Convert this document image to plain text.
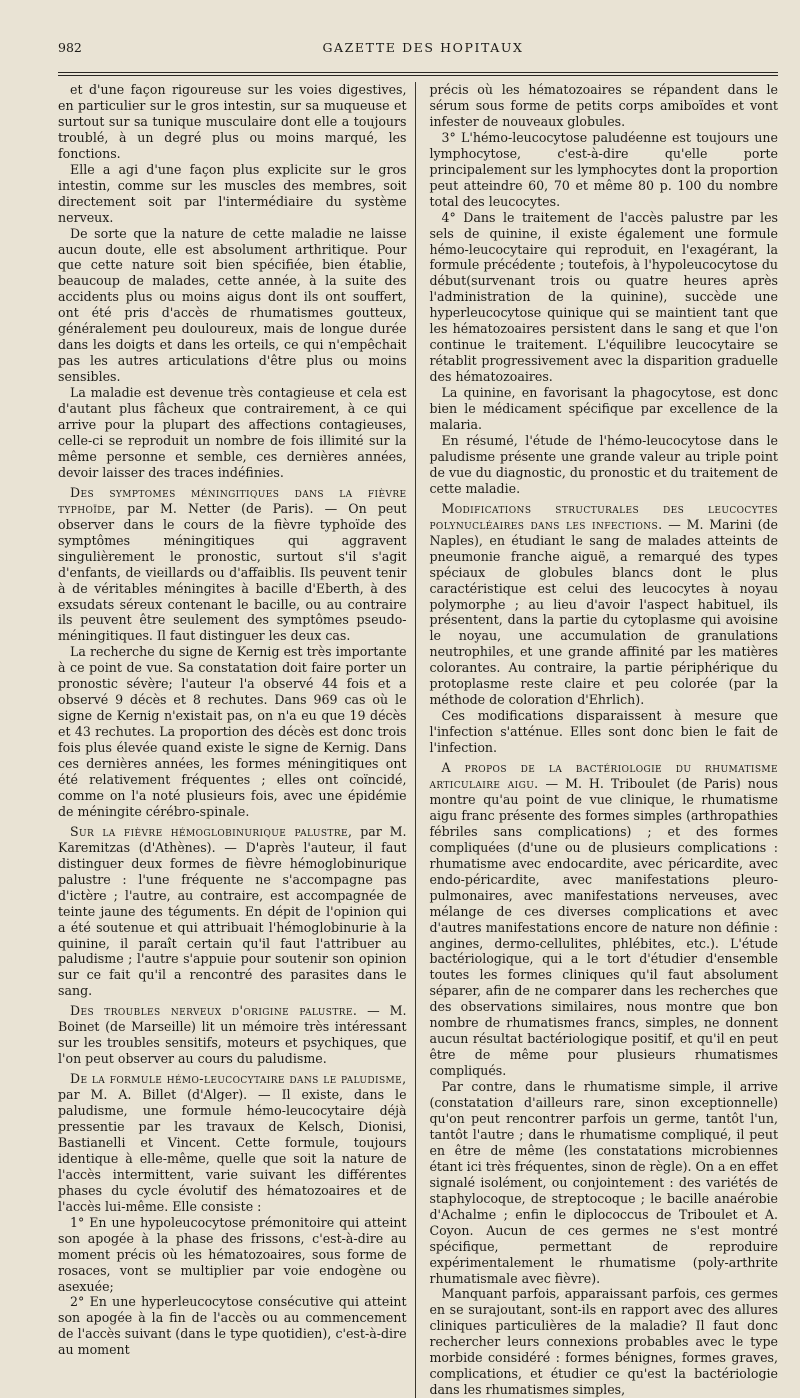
982	GAZETTE DES HOPITAUX

et d'une façon rigoureuse sur les voies digestives, en particulier sur le gros intestin, sur sa muqueuse et surtout sur sa tunique musculaire dont elle a toujours troublé, à un degré plus ou moins marqué, les fonctions.

Elle a agi d'une façon plus explicite sur le gros intestin, comme sur les muscles des membres, soit directement soit par l'intermédiaire du système nerveux.

De sorte que la nature de cette maladie ne laisse aucun doute, elle est absolument arthritique. Pour que cette nature soit bien spécifiée, bien établie, beaucoup de malades, cette année, à la suite des accidents plus ou moins aigus dont ils ont souffert, ont été pris d'accès de rhumatismes goutteux, généralement peu douloureux, mais de longue durée dans les doigts et dans les orteils, ce qui n'empêchait pas les autres articulations d'être plus ou moins sensibles.

La maladie est devenue très contagieuse et cela est d'autant plus fâcheux que contrairement, à ce qui arrive pour la plupart des affections contagieuses, celle-ci se reproduit un nombre de fois illimité sur la même personne et semble, ces dernières années, devoir laisser des traces indéfinies.

Des symptomes méningitiques dans la fièvre typhoïde, par M. Netter (de Paris). — On peut observer dans le cours de la fièvre typhoïde des symptômes méningitiques qui aggravent singulièrement le pronostic, surtout s'il s'agit d'enfants, de vieillards ou d'affaiblis. Ils peuvent tenir à de véritables méningites à bacille d'Eberth, à des exsudats séreux contenant le bacille, ou au contraire ils peuvent être seulement des symptômes pseudo-méningitiques. Il faut distinguer les deux cas.

La recherche du signe de Kernig est très importante à ce point de vue. Sa constatation doit faire porter un pronostic sévère; l'auteur l'a observé 44 fois et a observé 9 décès et 8 rechutes. Dans 969 cas où le signe de Kernig n'existait pas, on n'a eu que 19 décès et 43 rechutes. La proportion des décès est donc trois fois plus élevée quand existe le signe de Kernig. Dans ces dernières années, les formes méningitiques ont été relativement fréquentes ; elles ont coïncidé, comme on l'a noté plusieurs fois, avec une épidémie de méningite cérébro-spinale.

Sur la fièvre hémoglobinurique palustre, par M. Karemitzas (d'Athènes). — D'après l'auteur, il faut distinguer deux formes de fièvre hémoglobinurique palustre : l'une fréquente ne s'accompagne pas d'ictère ; l'autre, au contraire, est accompagnée de teinte jaune des téguments. En dépit de l'opinion qui a été soutenue et qui attribuait l'hémoglobinurie à la quinine, il paraît certain qu'il faut l'attribuer au paludisme ; l'autre s'appuie pour soutenir son opinion sur ce fait qu'il a rencontré des parasites dans le sang.

Des troubles nerveux d'origine palustre. — M. Boinet (de Marseille) lit un mémoire très intéressant sur les troubles sensitifs, moteurs et psychiques, que l'on peut observer au cours du paludisme.

De la formule hémo-leucocytaire dans le paludisme, par M. A. Billet (d'Alger). — Il existe, dans le paludisme, une formule hémo-leucocytaire déjà pressentie par les travaux de Kelsch, Dionisi, Bastianelli et Vincent. Cette formule, toujours identique à elle-même, quelle que soit la nature de l'accès intermittent, varie suivant les différentes phases du cycle évolutif des hématozoaires et de l'accès lui-même. Elle consiste :

1° En une hypoleucocytose prémonitoire qui atteint son apogée à la phase des frissons, c'est-à-dire au moment précis où les hématozoaires, sous forme de rosaces, vont se multiplier par voie endogène ou asexuée;

2° En une hyperleucocytose consécutive qui atteint son apogée à la fin de l'accès ou au commencement de l'accès suivant (dans le type quotidien), c'est-à-dire au moment

précis où les hématozoaires se répandent dans le sérum sous forme de petits corps amiboïdes et vont infester de nouveaux globules.

3° L'hémo-leucocytose paludéenne est toujours une lymphocytose, c'est-à-dire qu'elle porte principalement sur les lymphocytes dont la proportion peut atteindre 60, 70 et même 80 p. 100 du nombre total des leucocytes.

4° Dans le traitement de l'accès palustre par les sels de quinine, il existe également une formule hémo-leucocytaire qui reproduit, en l'exagérant, la formule précédente ; toutefois, à l'hypoleucocytose du début(survenant trois ou quatre heures après l'administration de la quinine), succède une hyperleucocytose quinique qui se maintient tant que les hématozoaires persistent dans le sang et que l'on continue le traitement. L'équilibre leucocytaire se rétablit progressivement avec la disparition graduelle des hématozoaires.

La quinine, en favorisant la phagocytose, est donc bien le médicament spécifique par excellence de la malaria.

En résumé, l'étude de l'hémo-leucocytose dans le paludisme présente une grande valeur au triple point de vue du diagnostic, du pronostic et du traitement de cette maladie.

Modifications structurales des leucocytes polynucléaires dans les infections. — M. Marini (de Naples), en étudiant le sang de malades atteints de pneumonie franche aiguë, a remarqué des types spéciaux de globules blancs dont le plus caractéristique est celui des leucocytes à noyau polymorphe ; au lieu d'avoir l'aspect habituel, ils présentent, dans la partie du cytoplasme qui avoisine le noyau, une accumulation de granulations neutrophiles, et une grande affinité par les matières colorantes. Au contraire, la partie périphérique du protoplasme reste claire et peu colorée (par la méthode de coloration d'Ehrlich).

Ces modifications disparaissent à mesure que l'infection s'atténue. Elles sont donc bien le fait de l'infection.

A propos de la bactériologie du rhumatisme articulaire aigu. — M. H. Triboulet (de Paris) nous montre qu'au point de vue clinique, le rhumatisme aigu franc présente des formes simples (arthropathies fébriles sans complications) ; et des formes compliquées (d'une ou de plusieurs complications : rhumatisme avec endocardite, avec péricardite, avec endo-péricardite, avec manifestations pleuro-pulmonaires, avec manifestations nerveuses, avec mélange de ces diverses complications et avec d'autres manifestations encore de nature non définie : angines, dermo-cellulites, phlébites, etc.). L'étude bactériologique, qui a le tort d'étudier d'ensemble toutes les formes cliniques qu'il faut absolument séparer, afin de ne comparer dans les recherches que des observations similaires, nous montre que bon nombre de rhumatismes francs, simples, ne donnent aucun résultat bactériologique positif, et qu'il en peut être de même pour plusieurs rhumatismes compliqués.

Par contre, dans le rhumatisme simple, il arrive (constatation d'ailleurs rare, sinon exceptionnelle) qu'on peut rencontrer parfois un germe, tantôt l'un, tantôt l'autre ; dans le rhumatisme compliqué, il peut en être de même (les constatations microbiennes étant ici très fréquentes, sinon de règle). On a en effet signalé isolément, ou conjointement : des variétés de staphylocoque, de streptocoque ; le bacille anaérobie d'Achalme ; enfin le diplococcus de Triboulet et A. Coyon. Aucun de ces germes ne s'est montré spécifique, permettant de reproduire expérimentalement le rhumatisme (poly-arthrite rhumatismale avec fièvre).

Manquant parfois, apparaissant parfois, ces germes en se surajoutant, sont-ils en rapport avec des allures cliniques particulières de la maladie? Il faut donc rechercher leurs connexions probables avec le type morbide considéré : formes bénignes, formes graves, complications, et étudier ce qu'est la bactériologie dans les rhumatismes simples,
